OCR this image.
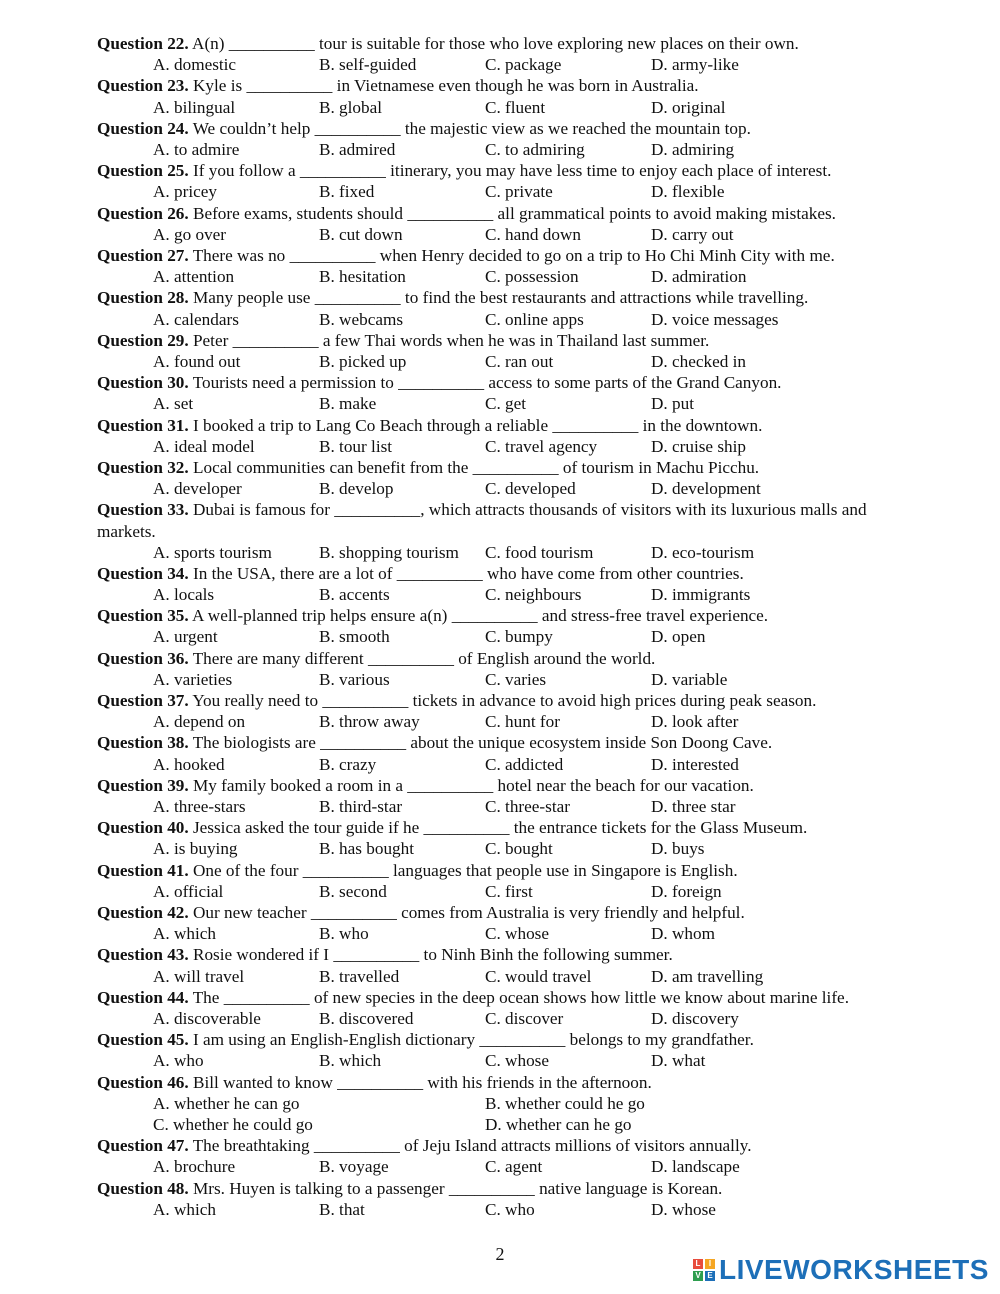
Question 22. A(n) __________ tour is suitable for those who love exploring new places on their own.
A. domestic	B. self-guided	C. package	D. army-like
Question 23. Kyle is __________ in Vietnamese even though he was born in Australia.
A. bilingual	B. global	C. fluent	D. original
Question 24. We couldn’t help __________ the majestic view as we reached the mountain top.
A. to admire	B. admired	C. to admiring	D. admiring
Question 25. If you follow a __________ itinerary, you may have less time to enjoy each place of interest.
A. pricey	B. fixed	C. private	D. flexible
Question 26. Before exams, students should __________ all grammatical points to avoid making mistakes.
A. go over	B. cut down	C. hand down	D. carry out
Question 27. There was no __________ when Henry decided to go on a trip to Ho Chi Minh City with me.
A. attention	B. hesitation	C. possession	D. admiration
Question 28. Many people use __________ to find the best restaurants and attractions while travelling.
A. calendars	B. webcams	C. online apps	D. voice messages
Question 29. Peter __________ a few Thai words when he was in Thailand last summer.
A. found out	B. picked up	C. ran out	D. checked in
Question 30. Tourists need a permission to __________ access to some parts of the Grand Canyon.
A. set	B. make	C. get	D. put
Question 31. I booked a trip to Lang Co Beach through a reliable __________ in the downtown.
A. ideal model	B. tour list	C. travel agency	D. cruise ship
Question 32. Local communities can benefit from the __________ of tourism in Machu Picchu.
A. developer	B. develop	C. developed	D. development
Question 33. Dubai is famous for __________, which attracts thousands of visitors with its luxurious malls and markets.
A. sports tourism	B. shopping tourism C. food tourism	D. eco-tourism
Question 34. In the USA, there are a lot of __________ who have come from other countries.
A. locals	B. accents	C. neighbours	D. immigrants
Question 35. A well-planned trip helps ensure a(n) __________ and stress-free travel experience.
A. urgent	B. smooth	C. bumpy	D. open
Question 36. There are many different __________ of English around the world.
A. varieties	B. various	C. varies	D. variable
Question 37. You really need to __________ tickets in advance to avoid high prices during peak season.
A. depend on	B. throw away	C. hunt for	D. look after
Question 38. The biologists are __________ about the unique ecosystem inside Son Doong Cave.
A. hooked	B. crazy	C. addicted	D. interested
Question 39. My family booked a room in a __________ hotel near the beach for our vacation.
A. three-stars	B. third-star	C. three-star	D. three star
Question 40. Jessica asked the tour guide if he __________ the entrance tickets for the Glass Museum.
A. is buying	B. has bought	C. bought	D. buys
Question 41. One of the four __________ languages that people use in Singapore is English.
A. official	B. second	C. first	D. foreign
Question 42. Our new teacher __________ comes from Australia is very friendly and helpful.
A. which	B. who	C. whose	D. whom
Question 43. Rosie wondered if I __________ to Ninh Binh the following summer.
A. will travel	B. travelled	C. would travel	D. am travelling
Question 44. The __________ of new species in the deep ocean shows how little we know about marine life.
A. discoverable	B. discovered	C. discover	D. discovery
Question 45. I am using an English-English dictionary __________ belongs to my grandfather.
A. who	B. which	C. whose	D. what
Question 46. Bill wanted to know __________ with his friends in the afternoon.
A. whether he can go	B. whether could he go
C. whether he could go	D. whether can he go
Question 47. The breathtaking __________ of Jeju Island attracts millions of visitors annually.
A. brochure	B. voyage	C. agent	D. landscape
Question 48. Mrs. Huyen is talking to a passenger __________ native language is Korean.
A. which	B. that	C. who	D. whose
2	L	I
V E LIVEWORKSHEETS
